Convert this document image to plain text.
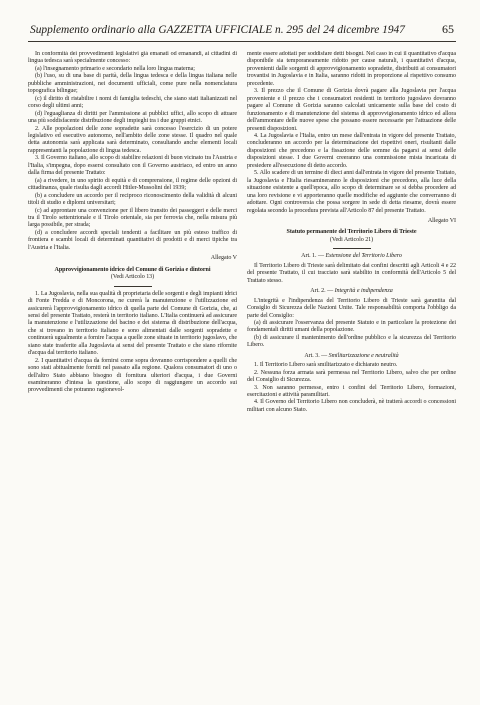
Supplemento ordinario alla GAZZETTA UFFICIALE n. 295 del 24 dicembre 1947	65

In conformità dei provvedimenti legislativi già emanati od emanandi, ai cittadini di lingua tedesca sarà specialmente concesso:

(a) l'insegnamento primario e secondario nella loro lingua materna;

(b) l'uso, su di una base di parità, della lingua tedesca e della lingua italiana nelle pubbliche amministrazioni, nei documenti ufficiali, come pure nella nomenclatura topografica bilingue;

(c) il diritto di ristabilire i nomi di famiglia tedeschi, che siano stati italianizzati nel corso degli ultimi anni;

(d) l'eguaglianza di diritti per l'ammissione ai pubblici uffici, allo scopo di attuare una più soddisfacente distribuzione degli impieghi tra i due gruppi etnici.

2. Alle popolazioni delle zone sopradette sarà concesso l'esercizio di un potere legislativo ed esecutivo autonomo, nell'ambito delle zone stesse. Il quadro nel quale detta autonomia sarà applicata sarà determinato, consultando anche elementi locali rappresentanti la popolazione di lingua tedesca.

3. Il Governo italiano, allo scopo di stabilire relazioni di buon vicinato tra l'Austria e l'Italia, s'impegna, dopo essersi consultato con il Governo austriaco, ed entro un anno dalla firma del presente Trattato:

(a) a rivedere, in uno spirito di equità e di comprensione, il regime delle opzioni di cittadinanza, quale risulta dagli accordi Hitler-Mussolini del 1939;

(b) a concludere un accordo per il reciproco riconoscimento della validità di alcuni titoli di studio e diplomi universitari;

(c) ad approntare una convenzione per il libero transito dei passeggeri e delle merci tra il Tirolo settentrionale e il Tirolo orientale, sia per ferrovia che, nella misura più larga possibile, per strada;

(d) a concludere accordi speciali tendenti a facilitare un più esteso traffico di frontiera e scambi locali di determinati quantitativi di prodotti e di merci tipiche tra l'Austria e l'Italia.

Allegato V

Approvvigionamento idrico del Comune di Gorizia e dintorni

(Vedi Articolo 13)

1. La Jugoslavia, nella sua qualità di proprietaria delle sorgenti e degli impianti idrici di Fonte Fredda e di Moncorona, ne curerà la manutenzione e l'utilizzazione ed assicurerà l'approvvigionamento idrico di quella parte del Comune di Gorizia, che, ai sensi del presente Trattato, resterà in territorio italiano. L'Italia continuerà ad assicurare la manutenzione e l'utilizzazione del bacino e dei sistema di distribuzione dell'acqua, che si trovano in territorio italiano e sono alimentati dalle sorgenti sopradette e continuerà ugualmente a fornire l'acqua a quelle zone situate in territorio jugoslavo, che siano state trasferite alla Jugoslavia ai sensi del presente Trattato e che siano rifornite d'acqua dal territorio italiano.

2. I quantitativi d'acqua da fornirsi come sopra dovranno corrispondere a quelli che sono stati abitualmente forniti nel passato alla regione. Qualora consumatori di uno o dell'altro Stato abbiano bisogno di fornitura ulteriori d'acqua, i due Governi esamineranno d'intesa la questione, allo scopo di raggiungere un accordo sui provvedimenti che potranno ragionevol-

mente essere adottati per soddisfare detti bisogni. Nel caso in cui il quantitativo d'acqua disponibile sia temporaneamente ridotto per cause naturali, i quantitativi d'acqua, provenienti dalle sorgenti di approvvigionamento sopradette, distribuiti ai consumatori trovantisi in Jugoslavia e in Italia, saranno ridotti in proporzione al rispettivo consumo precedente.

3. Il prezzo che il Comune di Gorizia dovrà pagare alla Jugoslavia per l'acqua proveniente e il prezzo che i consumatori residenti in territorio jugoslavo dovranno pagare al Comune di Gorizia saranno calcolati unicamente sulla base del costo di funzionamento e di manutenzione del sistema di approvvigionamento idrico ed allora dell'ammontare delle nuove spese che possano essere necessarie per l'attuazione delle presenti disposizioni.

4. La Jugoslavia e l'Italia, entro un mese dall'entrata in vigore del presente Trattato, concluderanno un accordo per la determinazione dei rispettivi oneri, risultanti dalle disposizioni che precedono e la fissazione delle somme da pagarsi ai sensi delle disposizioni stesse. I due Governi creeranno una commissione mista incaricata di presiedere all'esecuzione di detto accordo.

5. Allo scadere di un termine di dieci anni dall'entrata in vigore del presente Trattato, la Jugoslavia e l'Italia riesamineranno le disposizioni che precedono, alla luce della situazione esistente a quell'epoca, allo scopo di determinare se si debba procedere ad una loro revisione e vi apporteranno quelle modifiche ed aggiunte che converranno di adottare. Ogni controversia che possa sorgere in sede di detta riesame, dovrà essere regolata secondo la procedura prevista all'Articolo 87 del presente Trattato.

Allegato VI

Statuto permanente del Territorio Libero di Trieste

(Vedi Articolo 21)

Art. 1. — Estensione del Territorio Libero

Il Territorio Libero di Trieste sarà delimitato dai confini descritti agli Articoli 4 e 22 del presente Trattato, il cui tracciato sarà stabilito in conformità dell'Articolo 5 del Trattato stesso.

Art. 2. — Integrità e indipendenza

L'integrità e l'indipendenza del Territorio Libero di Trieste sarà garantita dal Consiglio di Sicurezza delle Nazioni Unite. Tale responsabilità comporta l'obbligo da parte del Consiglio:

(a) di assicurare l'osservanza del presente Statuto e in particolare la protezione dei fondamentali diritti umani della popolazione.

(b) di assicurare il mantenimento dell'ordine pubblico e la sicurezza del Territorio Libero.

Art. 3. — Smilitarizzazione e neutralità

1. Il Territorio Libero sarà smilitarizzato e dichiarato neutro.

2. Nessuna forza armata sarà permessa nel Territorio Libero, salvo che per ordine del Consiglio di Sicurezza.

3. Non saranno permesse, entro i confini del Territorio Libero, formazioni, esercitazioni e attività paramilitari.

4. Il Governo del Territorio Libero non concluderà, nè tratterà accordi o concessioni militari con alcuno Stato.
